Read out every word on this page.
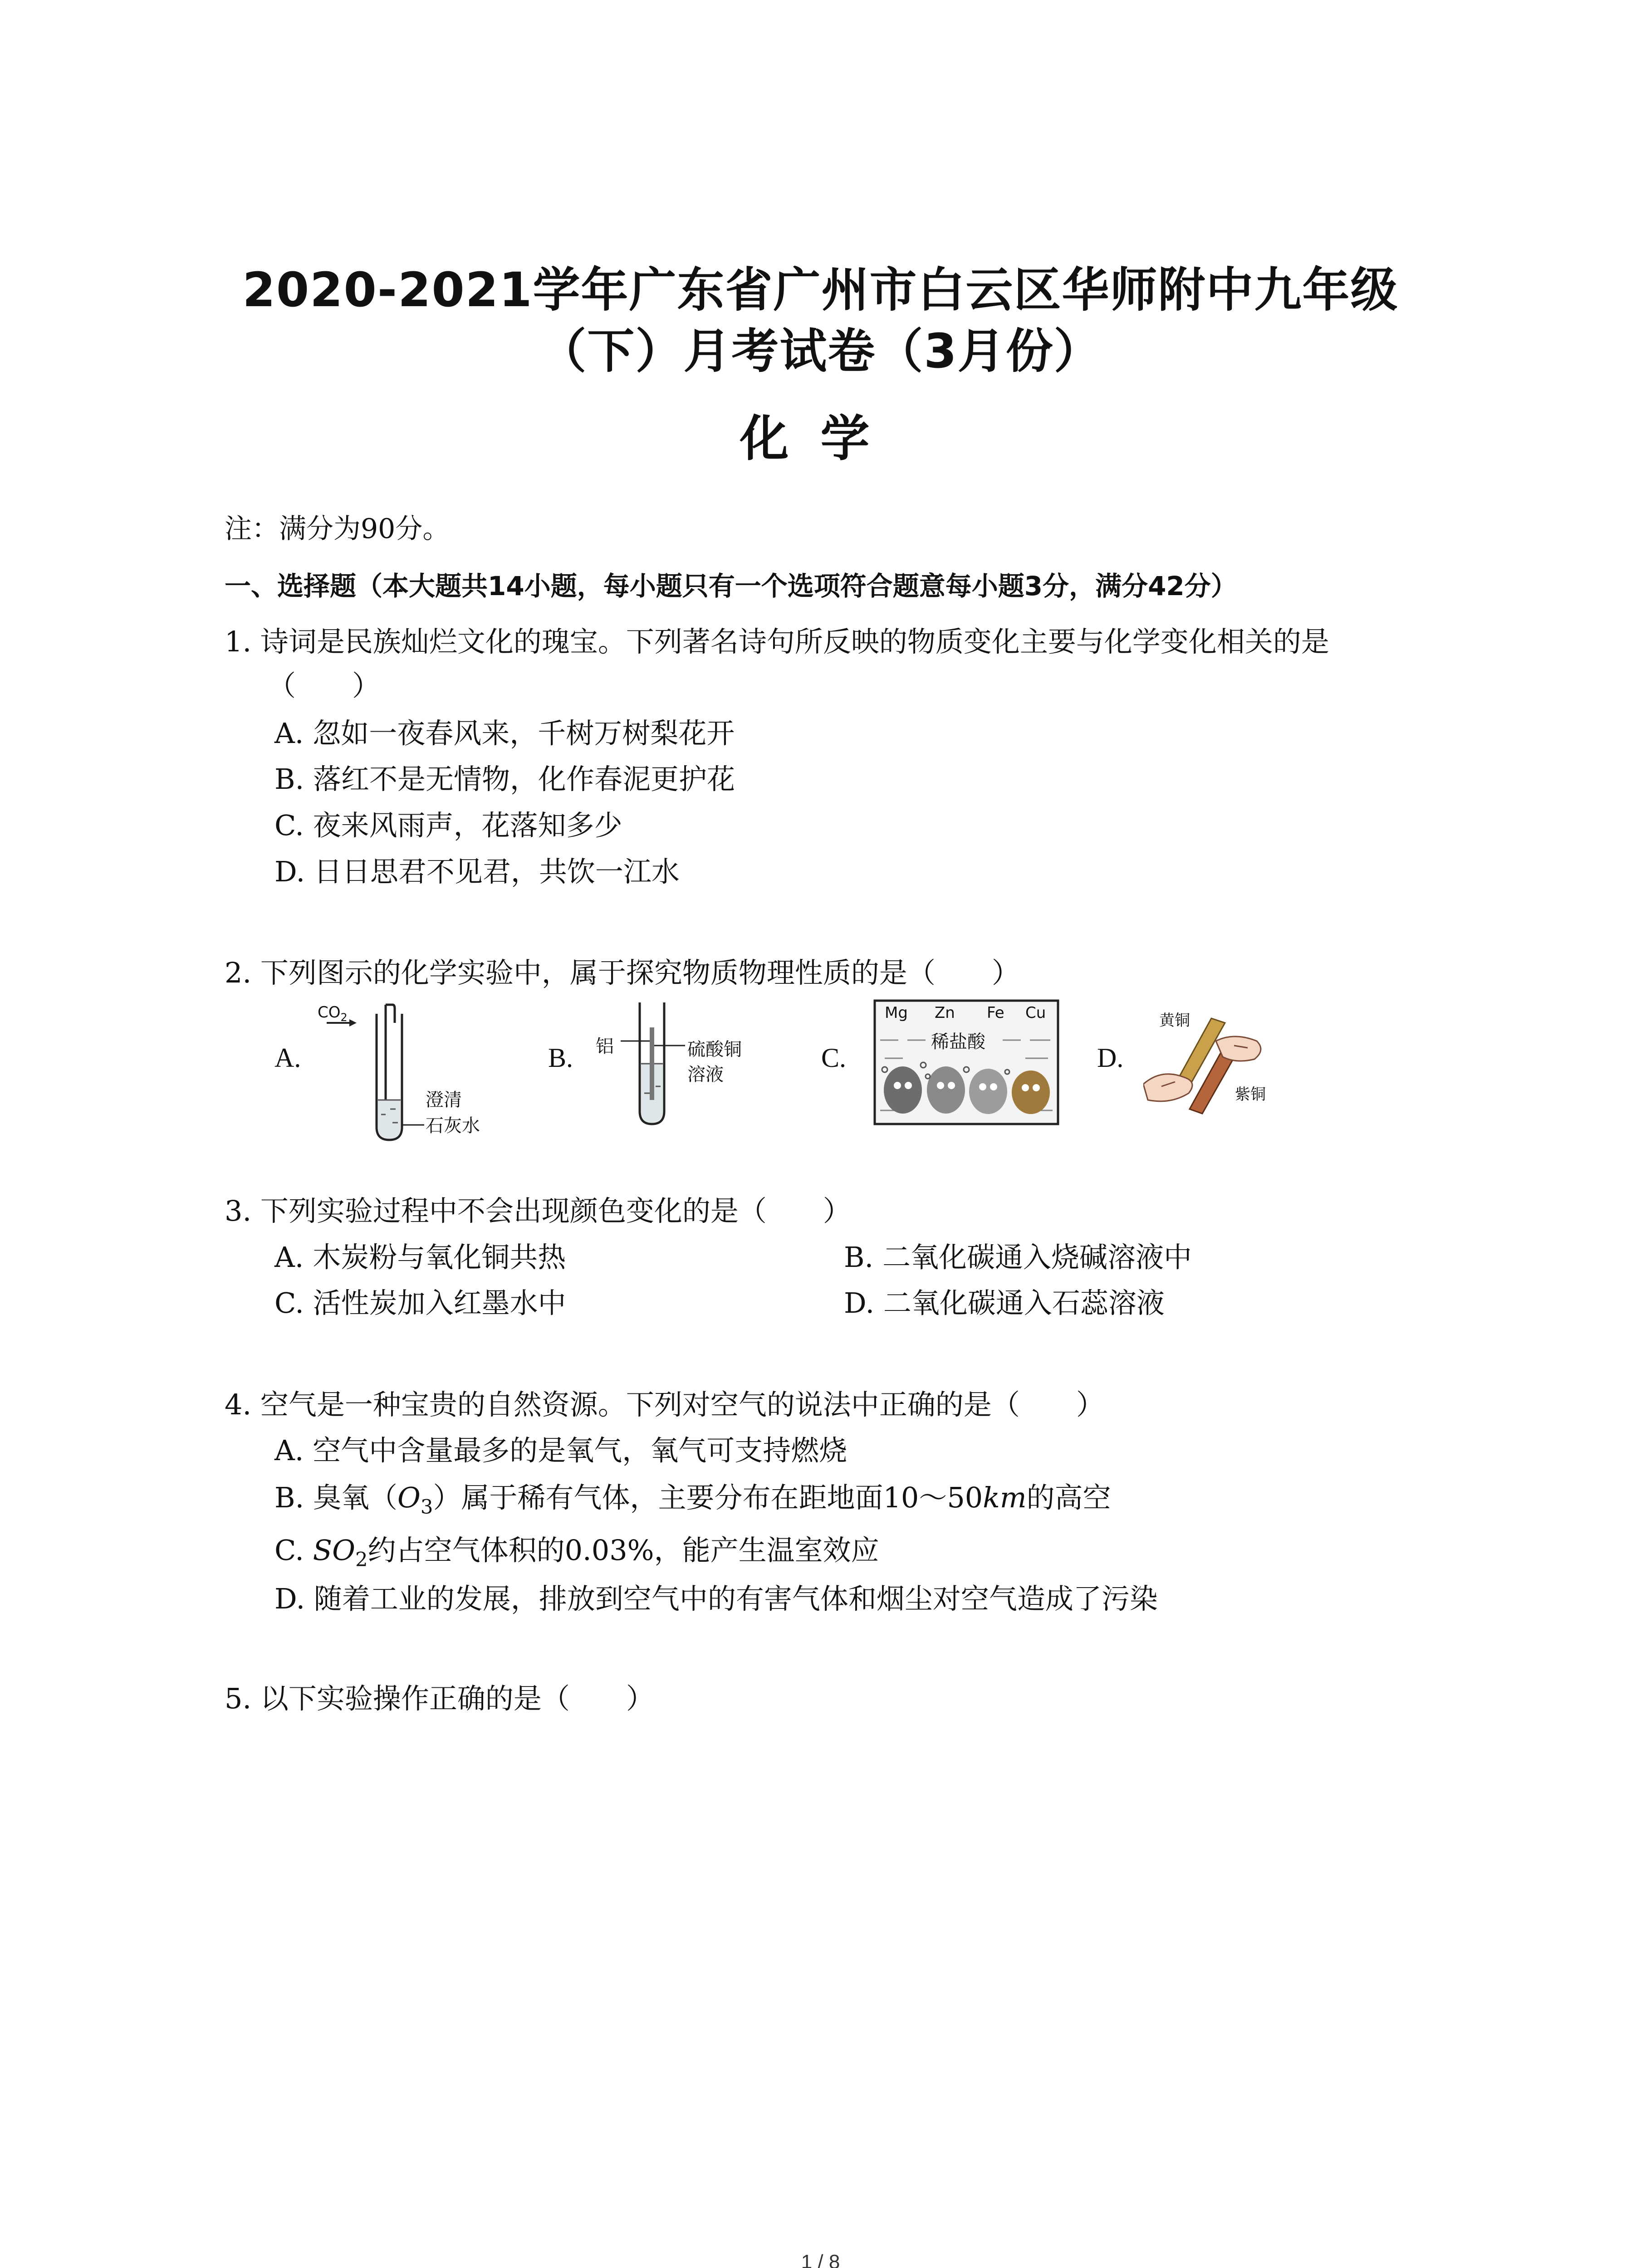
2020-2021学年广东省广州市白云区华师附中九年级
（下）月考试卷（3月份）
化学
注：满分为90分。
一、选择题（本大题共14小题，每小题只有一个选项符合题意每小题3分，满分42分）
1. 诗词是民族灿烂文化的瑰宝。下列著名诗句所反映的物质变化主要与化学变化相关的是
（　　）
A. 忽如一夜春风来，千树万树梨花开
B. 落红不是无情物，化作春泥更护花
C. 夜来风雨声，花落知多少
D. 日日思君不见君，共饮一江水
2. 下列图示的化学实验中，属于探究物质物理性质的是（　　）
A.
$CO_2$
澄清
石灰水
B. 铝	硫酸铜
溶液
C.
Mg Zn Fe Cu
稀盐酸
D.
黄铜
紫铜
3. 下列实验过程中不会出现颜色变化的是（　　）
A. 木炭粉与氧化铜共热	B. 二氧化碳通入烧碱溶液中
C. 活性炭加入红墨水中	D. 二氧化碳通入石蕊溶液
4. 空气是一种宝贵的自然资源。下列对空气的说法中正确的是（　　）
A. 空气中含量最多的是氧气，氧气可支持燃烧
B. 臭氧$(O_3)$属于稀有气体，主要分布在距地面10～50km的高空
C. $SO_2$约占空气体积的0.03%，能产生温室效应
D. 随着工业的发展，排放到空气中的有害气体和烟尘对空气造成了污染
5. 以下实验操作正确的是（　　）
1 / 8
